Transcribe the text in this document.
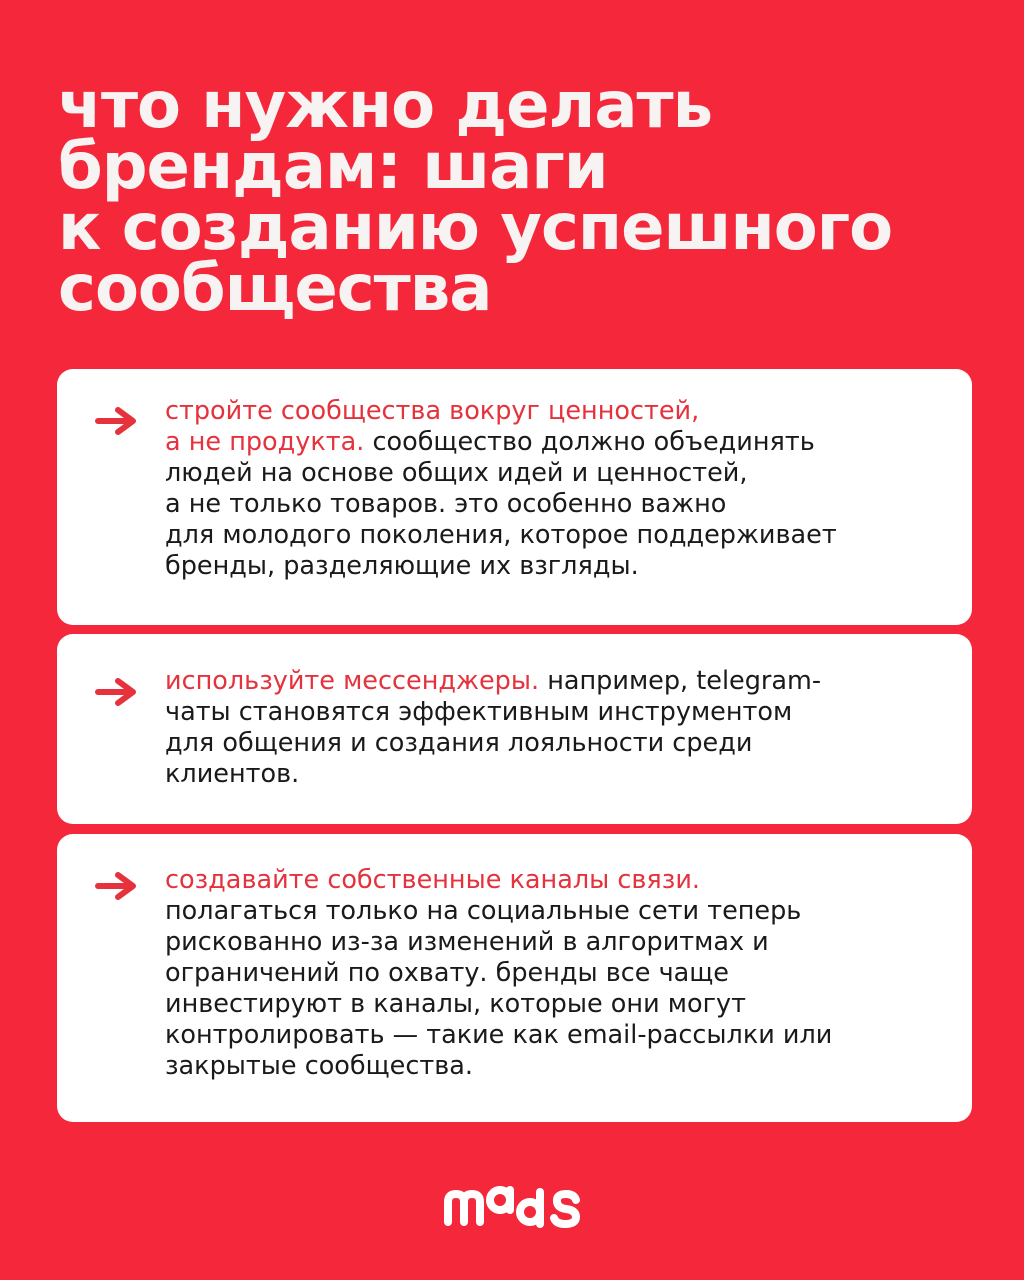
что нужно делать
брендам: шаги
к созданию успешного
сообщества
стройте сообщества вокруг ценностей,
а не продукта. сообщество должно объединять
людей на основе общих идей и ценностей,
а не только товаров. это особенно важно
для молодого поколения, которое поддерживает
бренды, разделяющие их взгляды.
используйте мессенджеры. например, telegram-
чаты становятся эффективным инструментом
для общения и создания лояльности среди
клиентов.
создавайте собственные каналы связи.
полагаться только на социальные сети теперь
рискованно из-за изменений в алгоритмах и
ограничений по охвату. бренды все чаще
инвестируют в каналы, которые они могут
контролировать — такие как email-рассылки или
закрытые сообщества.
